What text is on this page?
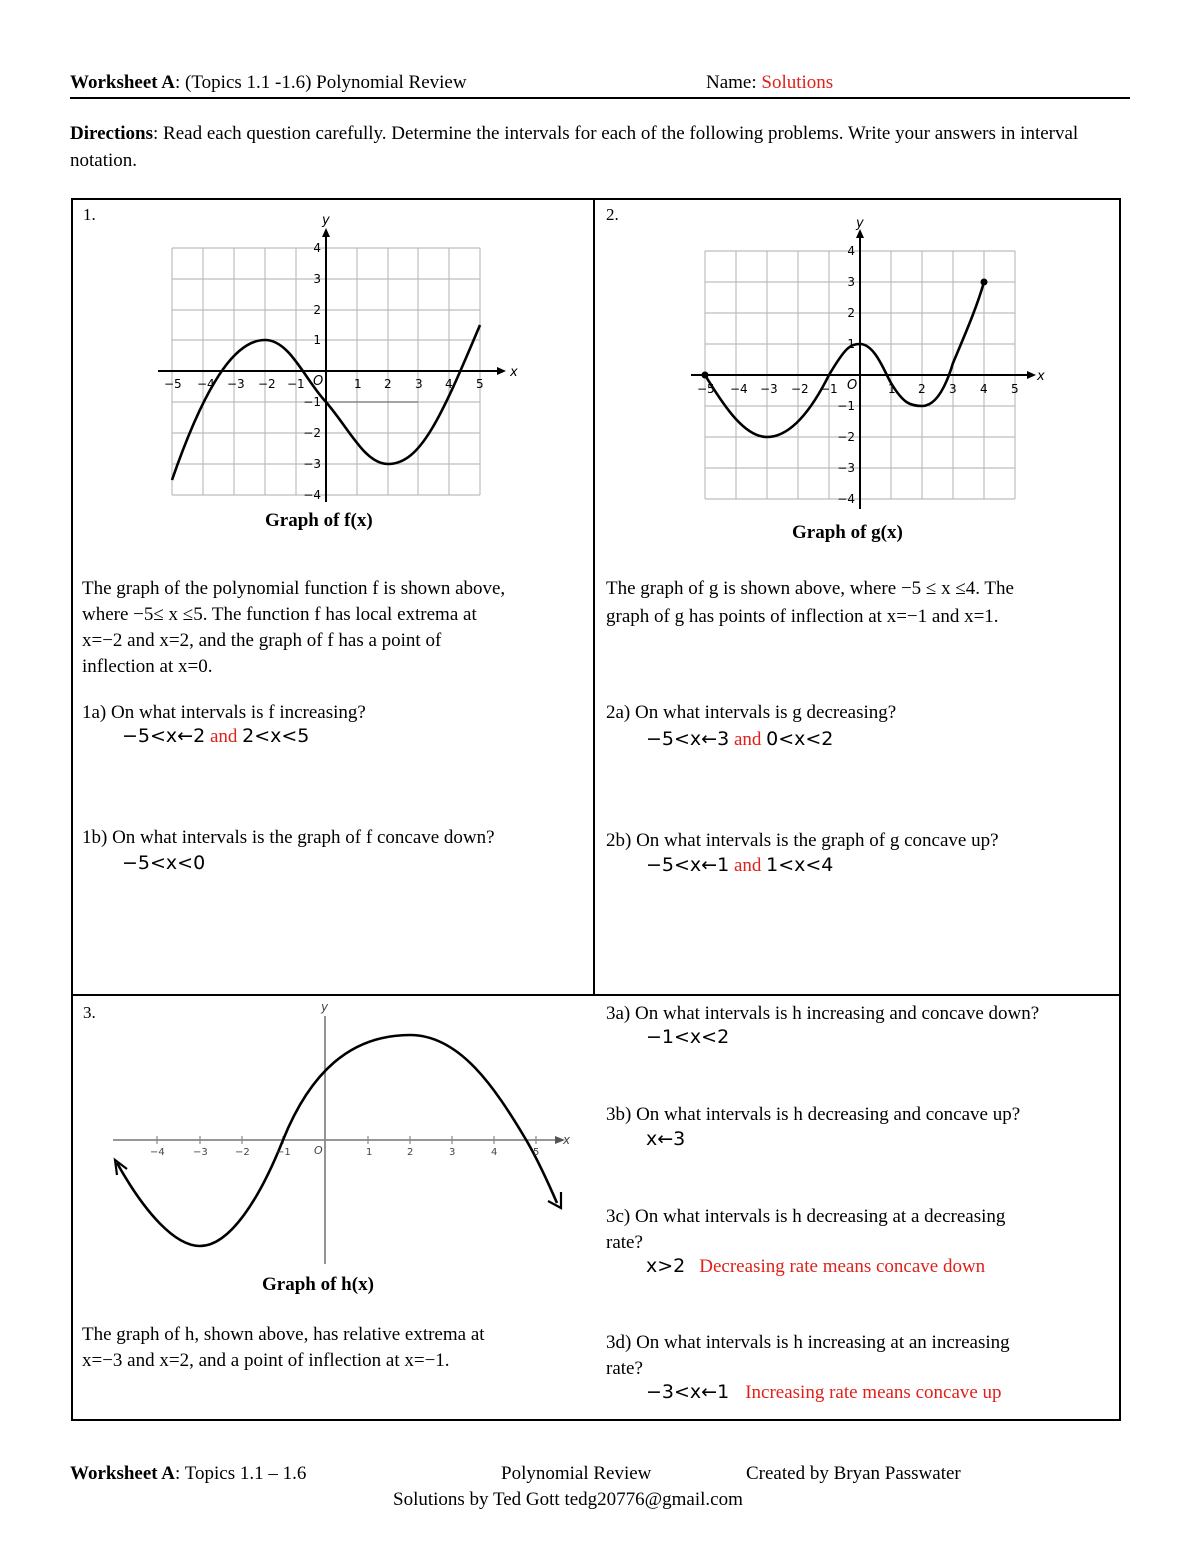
Worksheet A: (Topics 1.1 -1.6) Polynomial Review	Name: Solutions
Directions: Read each question carefully. Determine the intervals for each of the following problems. Write your answers in interval notation.
1.
x
y
O
−5 −4 −3 −2 −1	1 2 3 4 5
4
3
2
1
−1
−2
−3
−4
Graph of f(x)
The graph of the polynomial function f is shown above,
where −5≤ x ≤5. The function f has local extrema at
x=−2 and x=2, and the graph of f has a point of
inflection at x=0.
1a) On what intervals is f increasing?
−5<x←2 and 2<x<5
1b) On what intervals is the graph of f concave down?
−5<x<0
2.
x
y
O
−5 −4 −3 −2 −1	1 2 3 4 5
4
3
2
1
−1
−2
−3
−4
Graph of g(x)
The graph of g is shown above, where −5 ≤ x ≤4. The
graph of g has points of inflection at x=−1 and x=1.
2a) On what intervals is g decreasing?
−5<x←3 and 0<x<2
2b) On what intervals is the graph of g concave up?
−5<x←1 and 1<x<4
3.
x
y
O
−4	−3	−2	−1	1	2	3	4	5
Graph of h(x)
The graph of h, shown above, has relative extrema at
x=−3 and x=2, and a point of inflection at x=−1.
3a) On what intervals is h increasing and concave down?
−1<x<2
3b) On what intervals is h decreasing and concave up?
x←3
3c) On what intervals is h decreasing at a decreasing
rate?
x>2 Decreasing rate means concave down
3d) On what intervals is h increasing at an increasing
rate?
−3<x←1 Increasing rate means concave up
Worksheet A: Topics 1.1 – 1.6	Polynomial Review	Created by Bryan Passwater
Solutions by Ted Gott tedg20776@gmail.com
